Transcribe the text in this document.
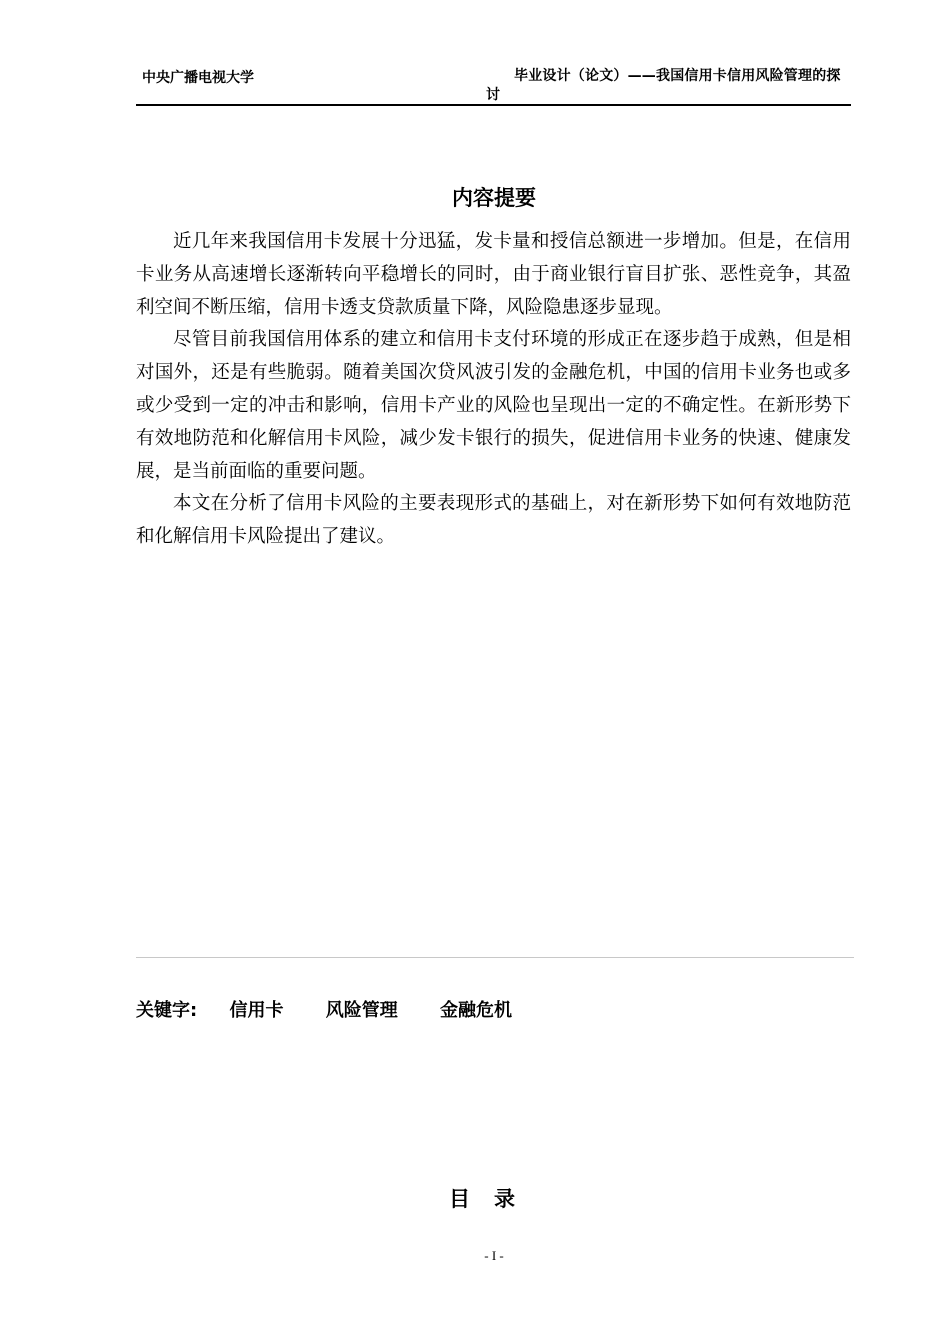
中央广播电视大学	毕业设计（论文）——我国信用卡信用风险管理的探讨
内容提要

近几年来我国信用卡发展十分迅猛，发卡量和授信总额进一步增加。但是，在信用卡业务从高速增长逐渐转向平稳增长的同时，由于商业银行盲目扩张、恶性竞争，其盈利空间不断压缩，信用卡透支贷款质量下降，风险隐患逐步显现。

尽管目前我国信用体系的建立和信用卡支付环境的形成正在逐步趋于成熟，但是相对国外，还是有些脆弱。随着美国次贷风波引发的金融危机，中国的信用卡业务也或多或少受到一定的冲击和影响，信用卡产业的风险也呈现出一定的不确定性。在新形势下有效地防范和化解信用卡风险，减少发卡银行的损失，促进信用卡业务的快速、健康发展，是当前面临的重要问题。

本文在分析了信用卡风险的主要表现形式的基础上，对在新形势下如何有效地防范和化解信用卡风险提出了建议。

关键字: 信用卡 风险管理 金融危机
目录
- I -
